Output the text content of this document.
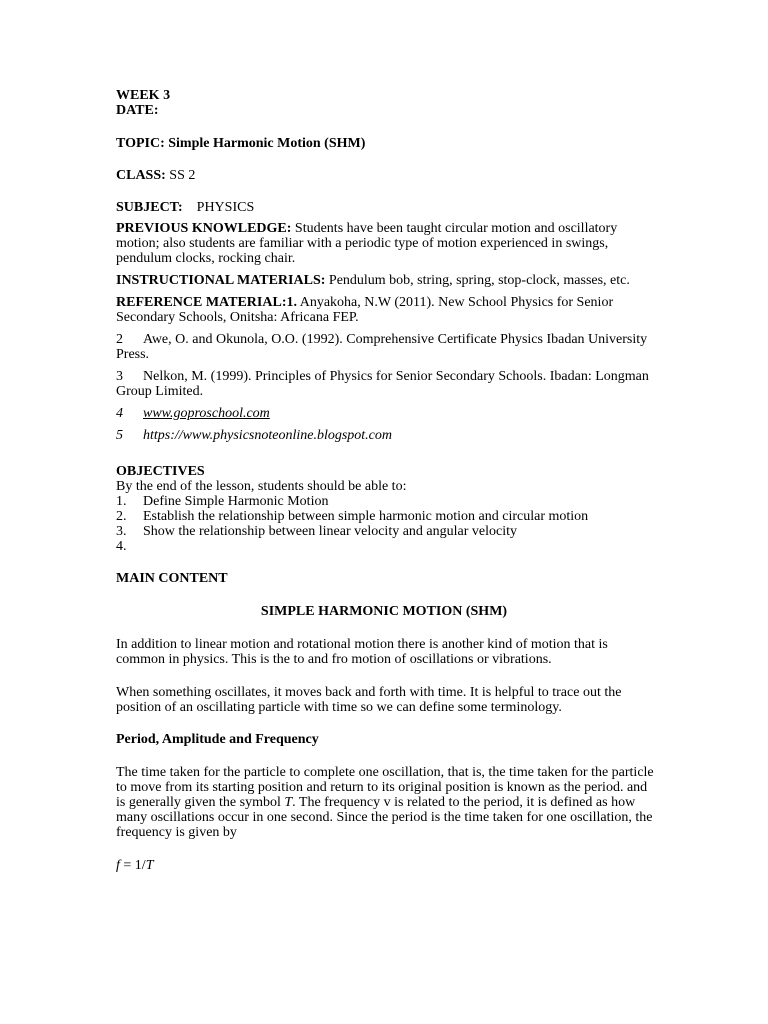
WEEK 3
DATE:
TOPIC: Simple Harmonic Motion (SHM)
CLASS: SS 2
SUBJECT: PHYSICS

PREVIOUS KNOWLEDGE: Students have been taught circular motion and oscillatory motion; also students are familiar with a periodic type of motion experienced in swings, pendulum clocks, rocking chair.

INSTRUCTIONAL MATERIALS: Pendulum bob, string, spring, stop-clock, masses, etc.

REFERENCE MATERIAL:1. Anyakoha, N.W (2011). New School Physics for Senior Secondary Schools, Onitsha: Africana FEP.

2 Awe, O. and Okunola, O.O. (1992). Comprehensive Certificate Physics Ibadan University Press.

3 Nelkon, M. (1999). Principles of Physics for Senior Secondary Schools. Ibadan: Longman Group Limited.

4 www.goproschool.com

5 https://www.physicsnoteonline.blogspot.com

OBJECTIVES
By the end of the lesson, students should be able to:
1. Define Simple Harmonic Motion
2. Establish the relationship between simple harmonic motion and circular motion
3. Show the relationship between linear velocity and angular velocity
4.
MAIN CONTENT
SIMPLE HARMONIC MOTION (SHM)

In addition to linear motion and rotational motion there is another kind of motion that is common in physics. This is the to and fro motion of oscillations or vibrations.

When something oscillates, it moves back and forth with time. It is helpful to trace out the position of an oscillating particle with time so we can define some terminology.

Period, Amplitude and Frequency

The time taken for the particle to complete one oscillation, that is, the time taken for the particle to move from its starting position and return to its original position is known as the period. and is generally given the symbol T. The frequency v is related to the period, it is defined as how many oscillations occur in one second. Since the period is the time taken for one oscillation, the frequency is given by

f = 1/T
